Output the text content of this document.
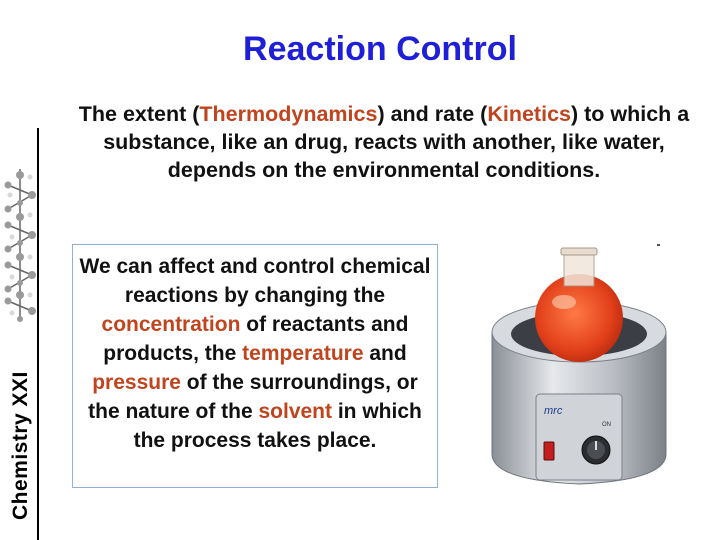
Chemistry XXI
Reaction Control
The extent (Thermodynamics) and rate (Kinetics) to which a substance, like an drug, reacts with another, like water, depends on the environmental conditions.
We can affect and control chemical reactions by changing the concentration of reactants and products, the temperature and pressure of the surroundings, or the nature of the solvent in which the process takes place.
mrc
ON
